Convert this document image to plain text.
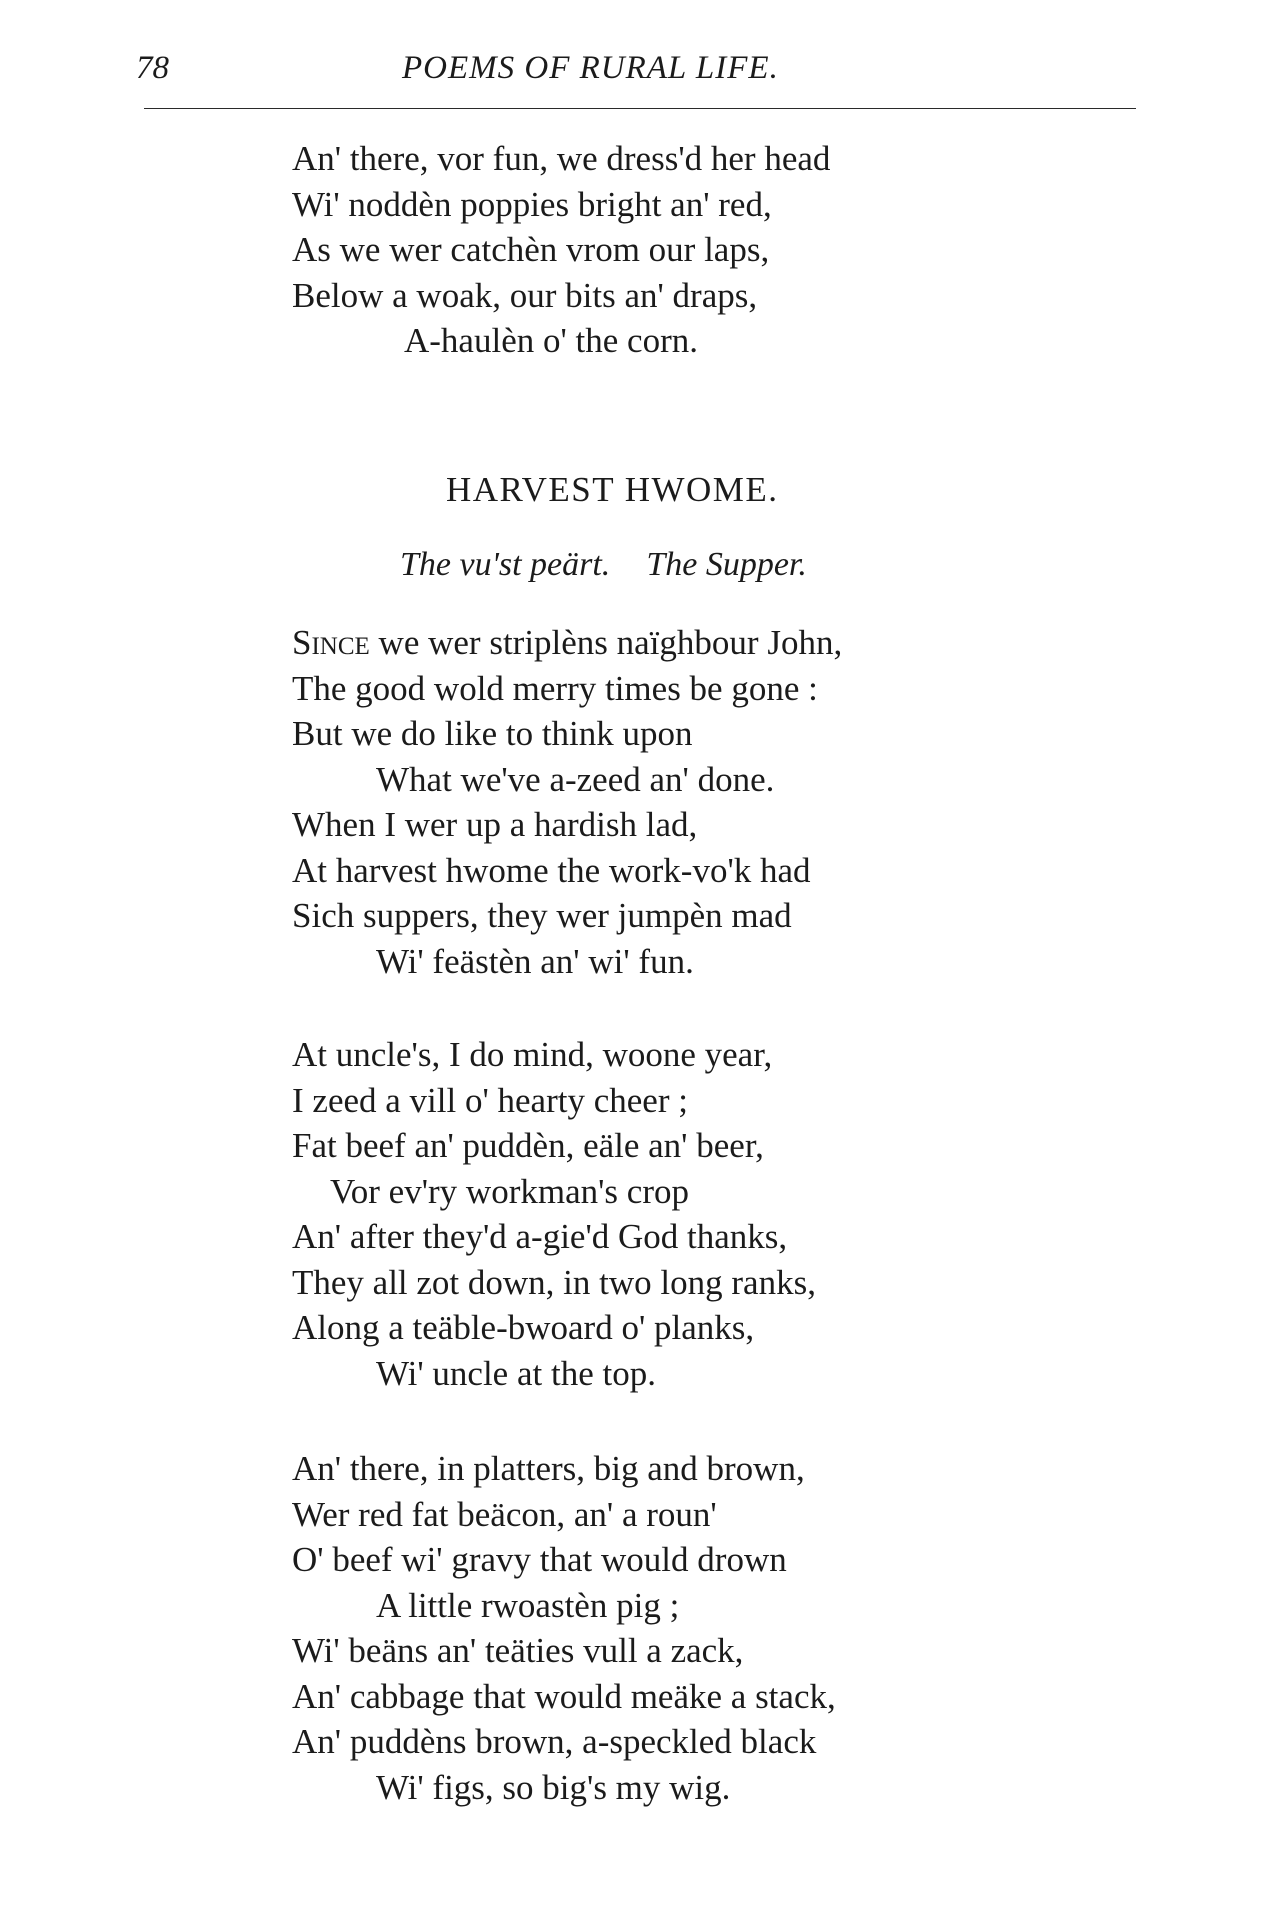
78	POEMS OF RURAL LIFE.
An' there, vor fun, we dress'd her head
Wi' noddèn poppies bright an' red,
As we wer catchèn vrom our laps,
Below a woak, our bits an' draps,
A-haulèn o' the corn.
HARVEST HWOME.
The vu'st peärt. The Supper.
Since we wer striplèns naïghbour John,
The good wold merry times be gone :
But we do like to think upon
What we've a-zeed an' done.
When I wer up a hardish lad,
At harvest hwome the work-vo'k had
Sich suppers, they wer jumpèn mad
Wi' feästèn an' wi' fun.
At uncle's, I do mind, woone year,
I zeed a vill o' hearty cheer ;
Fat beef an' puddèn, eäle an' beer,
Vor ev'ry workman's crop
An' after they'd a-gie'd God thanks,
They all zot down, in two long ranks,
Along a teäble-bwoard o' planks,
Wi' uncle at the top.
An' there, in platters, big and brown,
Wer red fat beäcon, an' a roun'
O' beef wi' gravy that would drown
A little rwoastèn pig ;
Wi' beäns an' teäties vull a zack,
An' cabbage that would meäke a stack,
An' puddèns brown, a-speckled black
Wi' figs, so big's my wig.
